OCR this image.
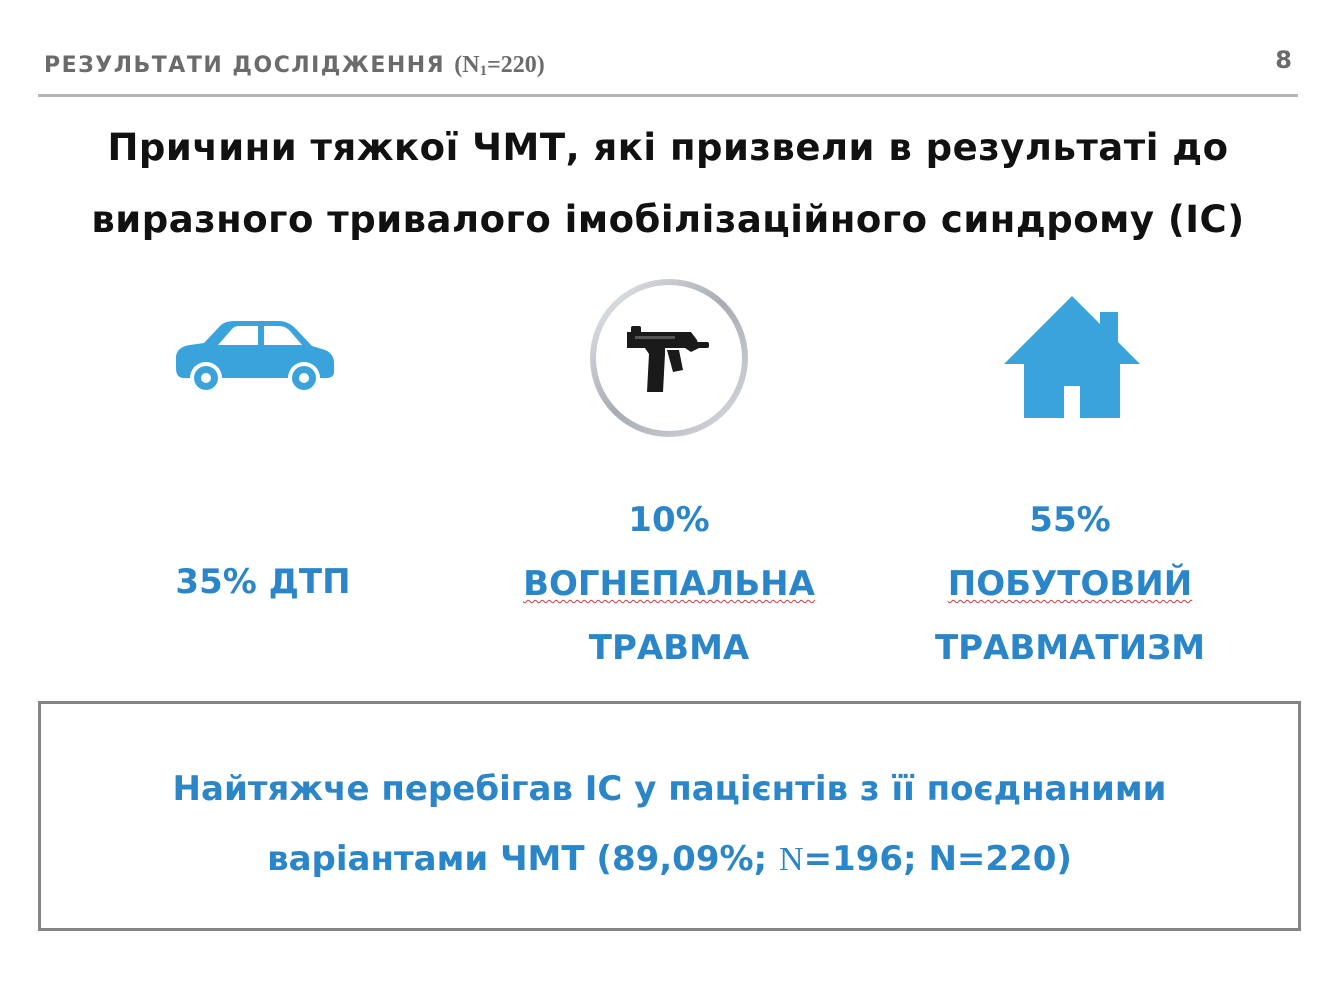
РЕЗУЛЬТАТИ ДОСЛІДЖЕННЯ $(N_1=220)$	8
Причини тяжкої ЧМТ, які призвели в результаті до
виразного тривалого імобілізаційного синдрому (ІС)
35% ДТП
10%
ВОГНЕПАЛЬНА
ТРАВМА
55%
ПОБУТОВИЙ
ТРАВМАТИЗМ
Найтяжче перебігав ІС у пацієнтів з її поєднаними
варіантами ЧМТ (89,09%; N=196; N=220)
